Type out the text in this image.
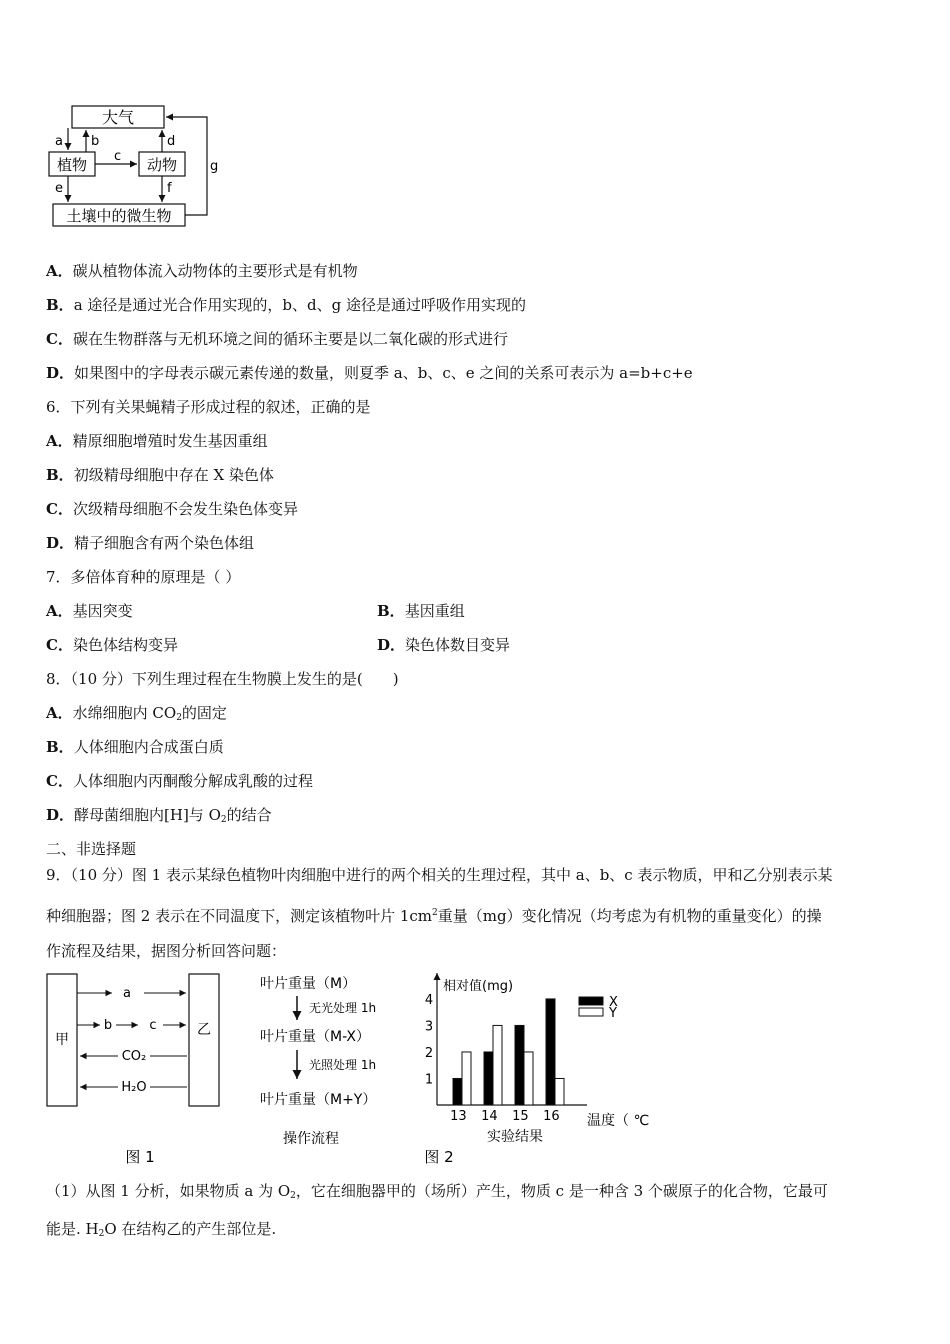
大气
植物	动物
土壤中的微生物
a b
c
d
e	f
g
A．碳从植物体流入动物体的主要形式是有机物
B．a 途径是通过光合作用实现的，b、d、g 途径是通过呼吸作用实现的
C．碳在生物群落与无机环境之间的循环主要是以二氧化碳的形式进行
D．如果图中的字母表示碳元素传递的数量，则夏季 a、b、c、e 之间的关系可表示为 a=b+c+e
6．下列有关果蝇精子形成过程的叙述，正确的是
A．精原细胞增殖时发生基因重组
B．初级精母细胞中存在 X 染色体
C．次级精母细胞不会发生染色体变异
D．精子细胞含有两个染色体组
7．多倍体育种的原理是（ ）
A．基因突变	B．基因重组
C．染色体结构变异	D．染色体数目变异
8．（10 分）下列生理过程在生物膜上发生的是(　　)
A．水绵细胞内 $CO_2$的固定
B．人体细胞内合成蛋白质
C．人体细胞内丙酮酸分解成乳酸的过程
D．酵母菌细胞内[H]与 $O_2$的结合
二、非选择题
9．（10 分）图 1 表示某绿色植物叶肉细胞中进行的两个相关的生理过程，其中 a、b、c 表示物质，甲和乙分别表示某
种细胞器；图 2 表示在不同温度下，测定该植物叶片 $1cm^2$重量（mg）变化情况（均考虑为有机物的重量变化）的操
作流程及结果，据图分析回答问题：
甲
乙
a
b	c
CO₂
H₂O
图 1
叶片重量（M）
无光处理 1h
叶片重量（M-X）
光照处理 1h
叶片重量（M+Y）
操作流程
相对值(mg)
温度（ ℃
1
2
3
4
13 14 15 16
X
Y
实验结果
图 2
（1）从图 1 分析，如果物质 a 为 $O_2$，它在细胞器甲的（场所）产生，物质 c 是一种含 3 个碳原子的化合物，它最可
能是. $H_2O$ 在结构乙的产生部位是.
